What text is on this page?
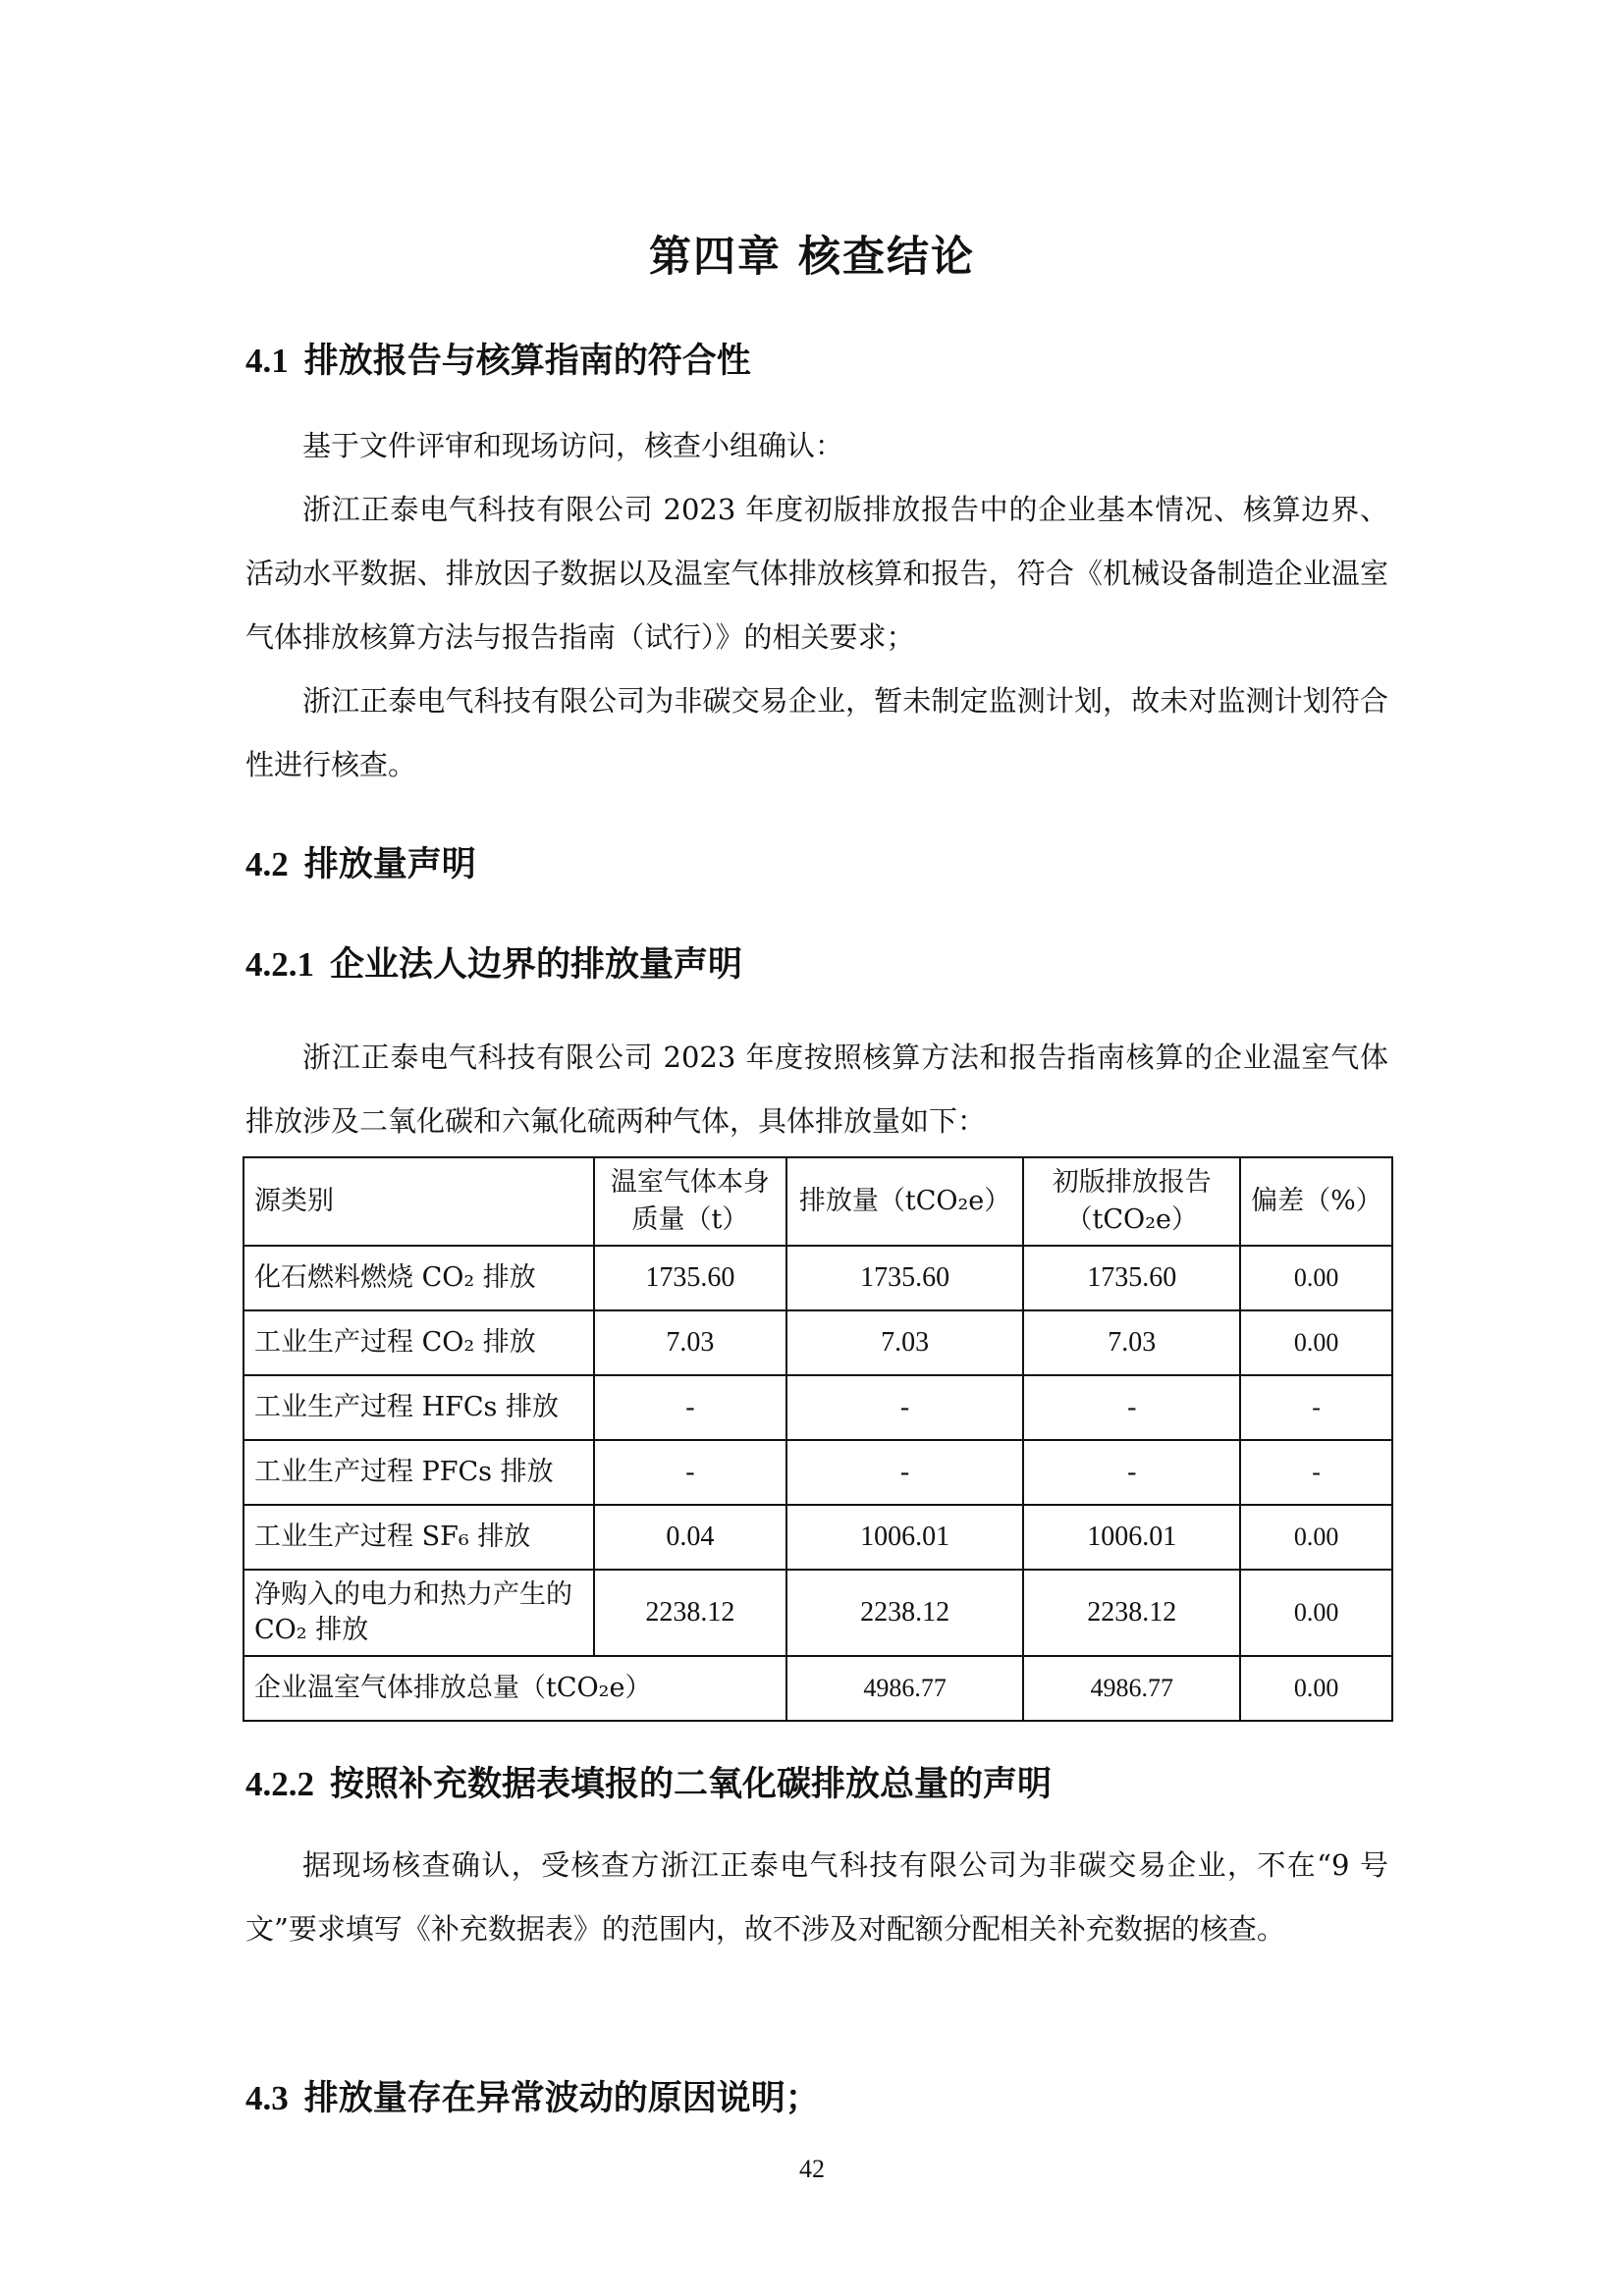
第四章 核查结论
4.1 排放报告与核算指南的符合性

基于文件评审和现场访问，核查小组确认：

浙江正泰电气科技有限公司 2023 年度初版排放报告中的企业基本情况、核算边界、活动水平数据、排放因子数据以及温室气体排放核算和报告，符合《机械设备制造企业温室气体排放核算方法与报告指南（试行）》的相关要求；

浙江正泰电气科技有限公司为非碳交易企业，暂未制定监测计划，故未对监测计划符合性进行核查。

4.2 排放量声明
4.2.1 企业法人边界的排放量声明

浙江正泰电气科技有限公司 2023 年度按照核算方法和报告指南核算的企业温室气体排放涉及二氧化碳和六氟化硫两种气体，具体排放量如下：

源类别	温室气体本身质量（t）	排放量（tCO₂e）	初版排放报告（tCO₂e）	偏差（%）
化石燃料燃烧 CO₂ 排放	1735.60	1735.60	1735.60	0.00
工业生产过程 CO₂ 排放	7.03	7.03	7.03	0.00
工业生产过程 HFCs 排放	-	-	-	-
工业生产过程 PFCs 排放	-	-	-	-
工业生产过程 SF₆ 排放	0.04	1006.01	1006.01	0.00
净购入的电力和热力产生的 CO₂ 排放	2238.12	2238.12	2238.12	0.00
企业温室气体排放总量（tCO₂e）		4986.77	4986.77	0.00
4.2.2 按照补充数据表填报的二氧化碳排放总量的声明

据现场核查确认，受核查方浙江正泰电气科技有限公司为非碳交易企业，不在“9 号文”要求填写《补充数据表》的范围内，故不涉及对配额分配相关补充数据的核查。

4.3 排放量存在异常波动的原因说明；
42
